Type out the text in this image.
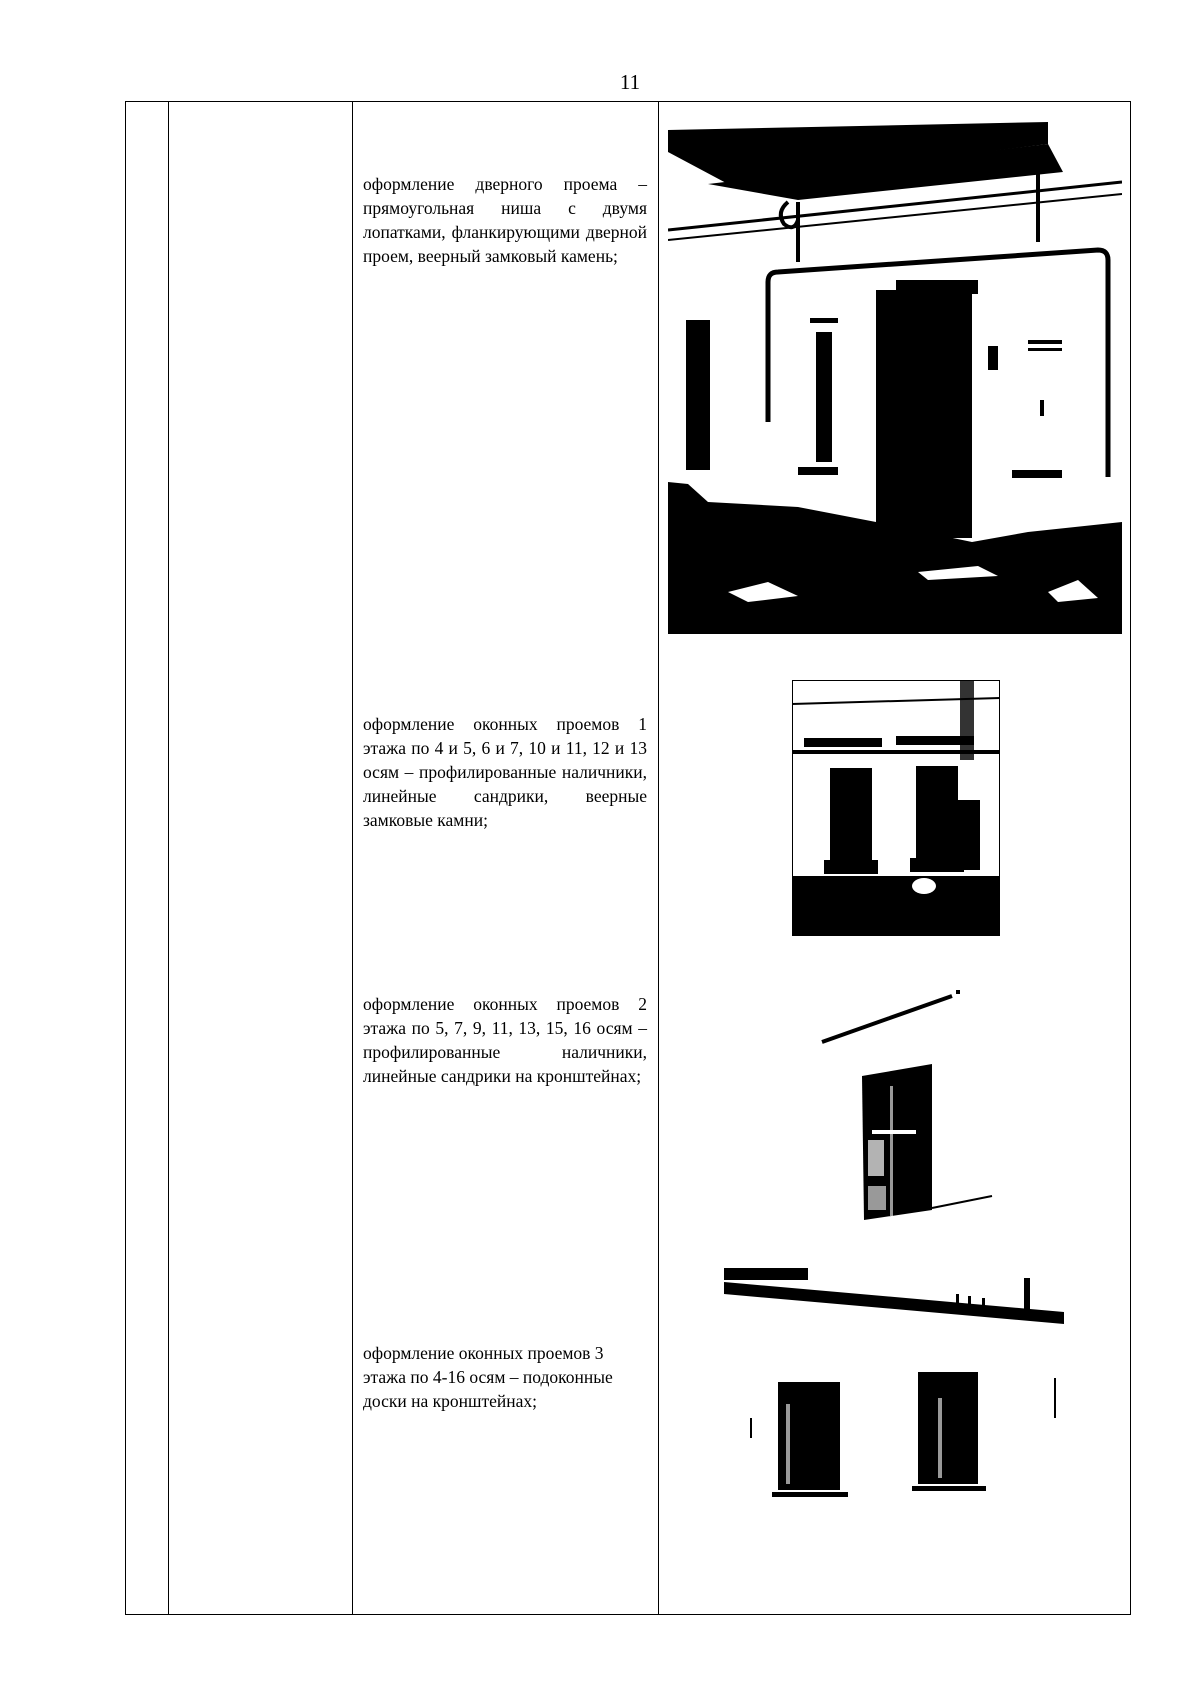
11
оформление дверного проема – прямоугольная ниша с двумя лопатками, фланкирующими дверной проем, веерный замковый камень;
оформление оконных проемов 1 этажа по 4 и 5, 6 и 7, 10 и 11, 12 и 13 осям – профилированные наличники, линейные сандрики, веерные замковые камни;
оформление оконных проемов 2 этажа по 5, 7, 9, 11, 13, 15, 16 осям – профилированные наличники, линейные сандрики на кронштейнах;
оформление оконных проемов 3 этажа по 4-16 осям – подоконные доски на кронштейнах;
